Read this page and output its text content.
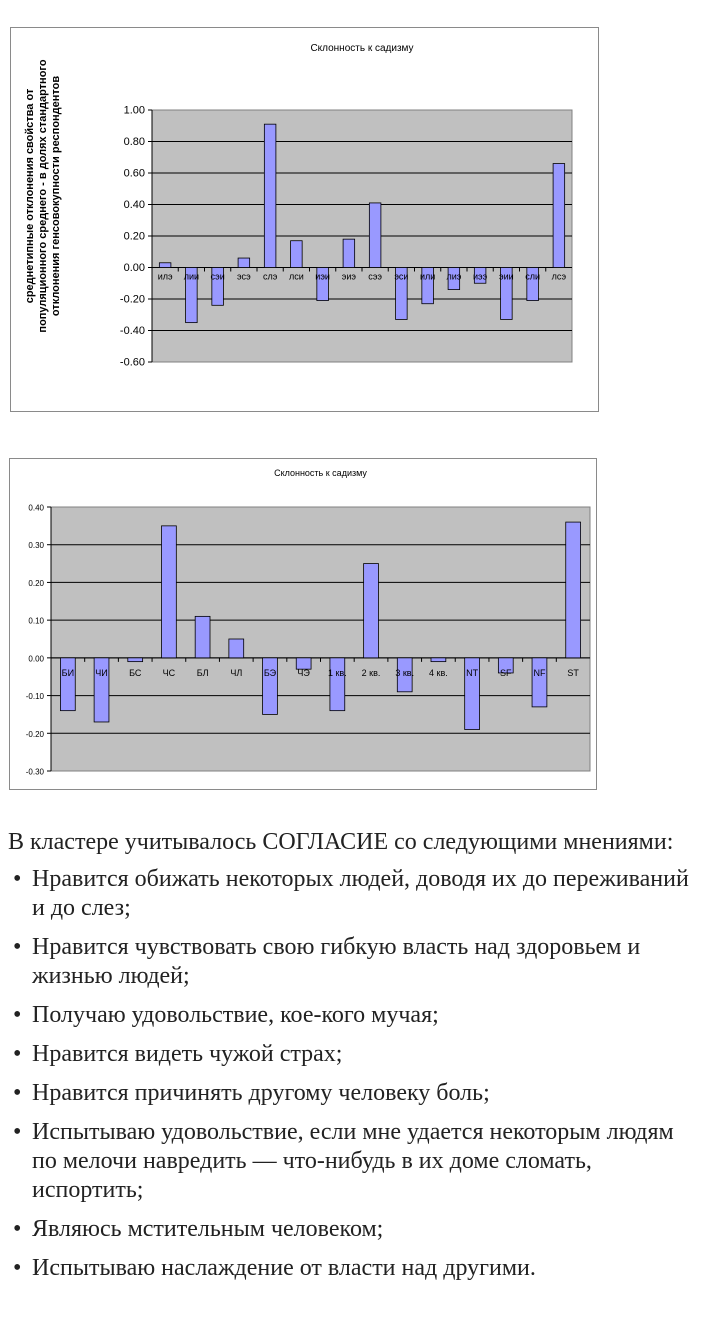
Склонность к садизму
1.00
0.80
0.60
0.40
0.20
0.00
-0.20
-0.40
-0.60
илэ лии сэи эсэ слэ лси иэи эиэ сээ эси или лиэ иээ эии сли лсэ
среднетипные отклонения свойства от популяционного среднего - в долях стандартного отклонения генсовокупности респондентов
Склонность к садизму
0.40
0.30
0.20
0.10
0.00
-0.10
-0.20
-0.30
БИ ЧИ БС ЧС БЛ ЧЛ БЭ ЧЭ 1 кв. 2 кв. 3 кв. 4 кв. NT SF NF ST

В кластере учитывалось СОГЛАСИЕ со следующими мнениями:

• Нравится обижать некоторых людей, доводя их до переживаний и до слез;
• Нравится чувствовать свою гибкую власть над здоровьем и жизнью людей;
• Получаю удовольствие, кое-кого мучая;
• Нравится видеть чужой страх;
• Нравится причинять другому человеку боль;
• Испытываю удовольствие, если мне удается некоторым людям по мелочи навредить — что-нибудь в их доме сломать, испортить;
• Являюсь мстительным человеком;
• Испытываю наслаждение от власти над другими.
